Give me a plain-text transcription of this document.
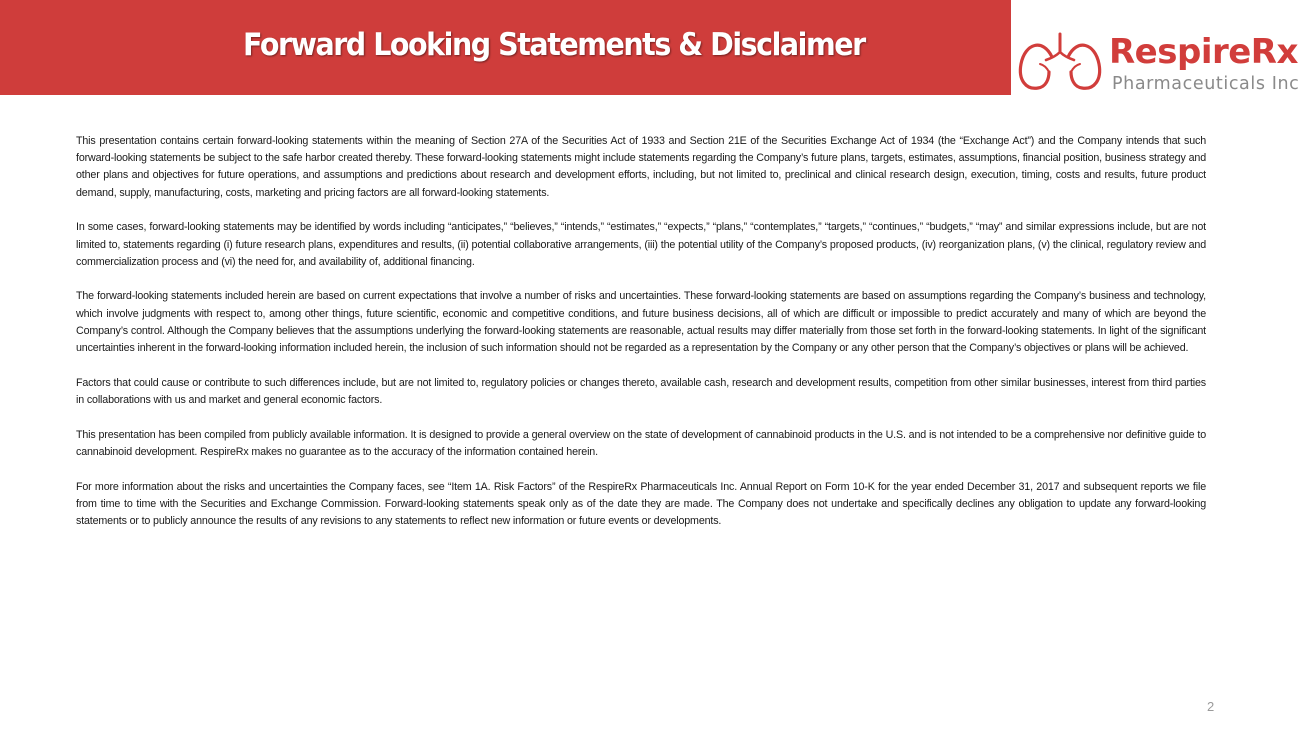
Forward Looking Statements & Disclaimer	RespireRx
Pharmaceuticals Inc

This presentation contains certain forward-looking statements within the meaning of Section 27A of the Securities Act of 1933 and Section 21E of the Securities Exchange Act of 1934 (the “Exchange Act”) and the Company intends that such forward-looking statements be subject to the safe harbor created thereby. These forward-looking statements might include statements regarding the Company’s future plans, targets, estimates, assumptions, financial position, business strategy and other plans and objectives for future operations, and assumptions and predictions about research and development efforts, including, but not limited to, preclinical and clinical research design, execution, timing, costs and results, future product demand, supply, manufacturing, costs, marketing and pricing factors are all forward-looking statements.

In some cases, forward-looking statements may be identified by words including “anticipates,” “believes,” “intends,” “estimates,” “expects,” “plans,” “contemplates,” “targets,” “continues,” “budgets,” “may” and similar expressions include, but are not limited to, statements regarding (i) future research plans, expenditures and results, (ii) potential collaborative arrangements, (iii) the potential utility of the Company’s proposed products, (iv) reorganization plans, (v) the clinical, regulatory review and commercialization process and (vi) the need for, and availability of, additional financing.

The forward-looking statements included herein are based on current expectations that involve a number of risks and uncertainties. These forward-looking statements are based on assumptions regarding the Company’s business and technology, which involve judgments with respect to, among other things, future scientific, economic and competitive conditions, and future business decisions, all of which are difficult or impossible to predict accurately and many of which are beyond the Company’s control. Although the Company believes that the assumptions underlying the forward-looking statements are reasonable, actual results may differ materially from those set forth in the forward-looking statements. In light of the significant uncertainties inherent in the forward-looking information included herein, the inclusion of such information should not be regarded as a representation by the Company or any other person that the Company’s objectives or plans will be achieved.

Factors that could cause or contribute to such differences include, but are not limited to, regulatory policies or changes thereto, available cash, research and development results, competition from other similar businesses, interest from third parties in collaborations with us and market and general economic factors.

This presentation has been compiled from publicly available information. It is designed to provide a general overview on the state of development of cannabinoid products in the U.S. and is not intended to be a comprehensive nor definitive guide to cannabinoid development. RespireRx makes no guarantee as to the accuracy of the information contained herein.

For more information about the risks and uncertainties the Company faces, see “Item 1A. Risk Factors” of the RespireRx Pharmaceuticals Inc. Annual Report on Form 10-K for the year ended December 31, 2017 and subsequent reports we file from time to time with the Securities and Exchange Commission. Forward-looking statements speak only as of the date they are made. The Company does not undertake and specifically declines any obligation to update any forward-looking statements or to publicly announce the results of any revisions to any statements to reflect new information or future events or developments.

2
